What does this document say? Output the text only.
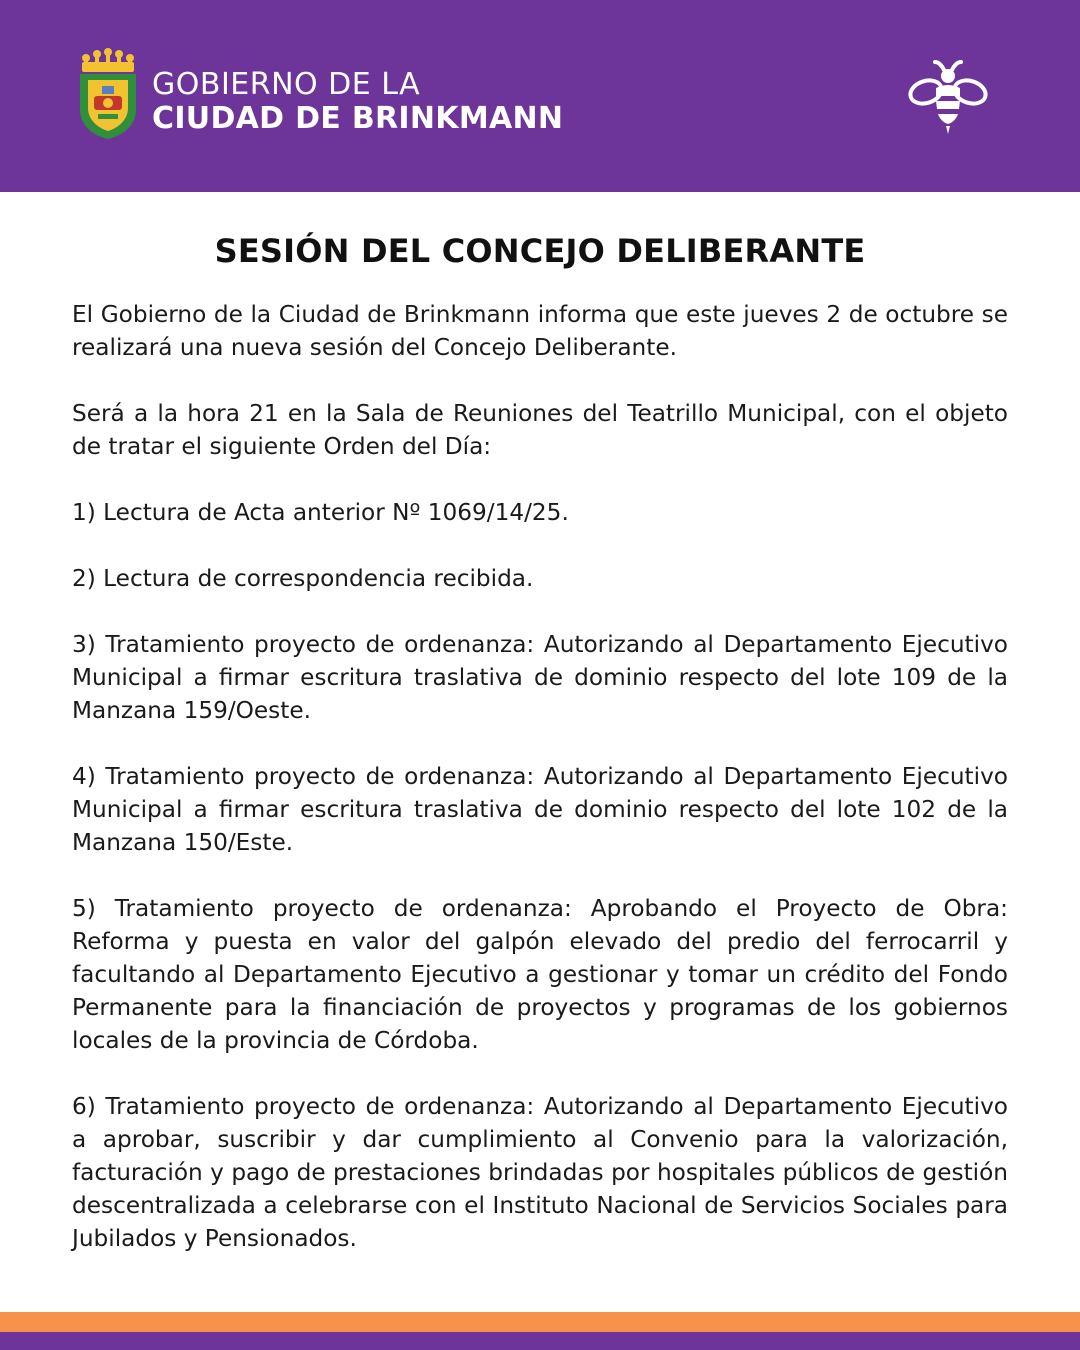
GOBIERNO DE LA
CIUDAD DE BRINKMANN
SESIÓN DEL CONCEJO DELIBERANTE

El Gobierno de la Ciudad de Brinkmann informa que este jueves 2 de octubre se realizará una nueva sesión del Concejo Deliberante.

Será a la hora 21 en la Sala de Reuniones del Teatrillo Municipal, con el objeto de tratar el siguiente Orden del Día:

1) Lectura de Acta anterior Nº 1069/14/25.

2) Lectura de correspondencia recibida.

3) Tratamiento proyecto de ordenanza: Autorizando al Departamento Ejecutivo Municipal a firmar escritura traslativa de dominio respecto del lote 109 de la Manzana 159/Oeste.

4) Tratamiento proyecto de ordenanza: Autorizando al Departamento Ejecutivo Municipal a firmar escritura traslativa de dominio respecto del lote 102 de la Manzana 150/Este.

5) Tratamiento proyecto de ordenanza: Aprobando el Proyecto de Obra: Reforma y puesta en valor del galpón elevado del predio del ferrocarril y facultando al Departamento Ejecutivo a gestionar y tomar un crédito del Fondo Permanente para la financiación de proyectos y programas de los gobiernos locales de la provincia de Córdoba.

6) Tratamiento proyecto de ordenanza: Autorizando al Departamento Ejecutivo a aprobar, suscribir y dar cumplimiento al Convenio para la valorización, facturación y pago de prestaciones brindadas por hospitales públicos de gestión descentralizada a celebrarse con el Instituto Nacional de Servicios Sociales para Jubilados y Pensionados.
